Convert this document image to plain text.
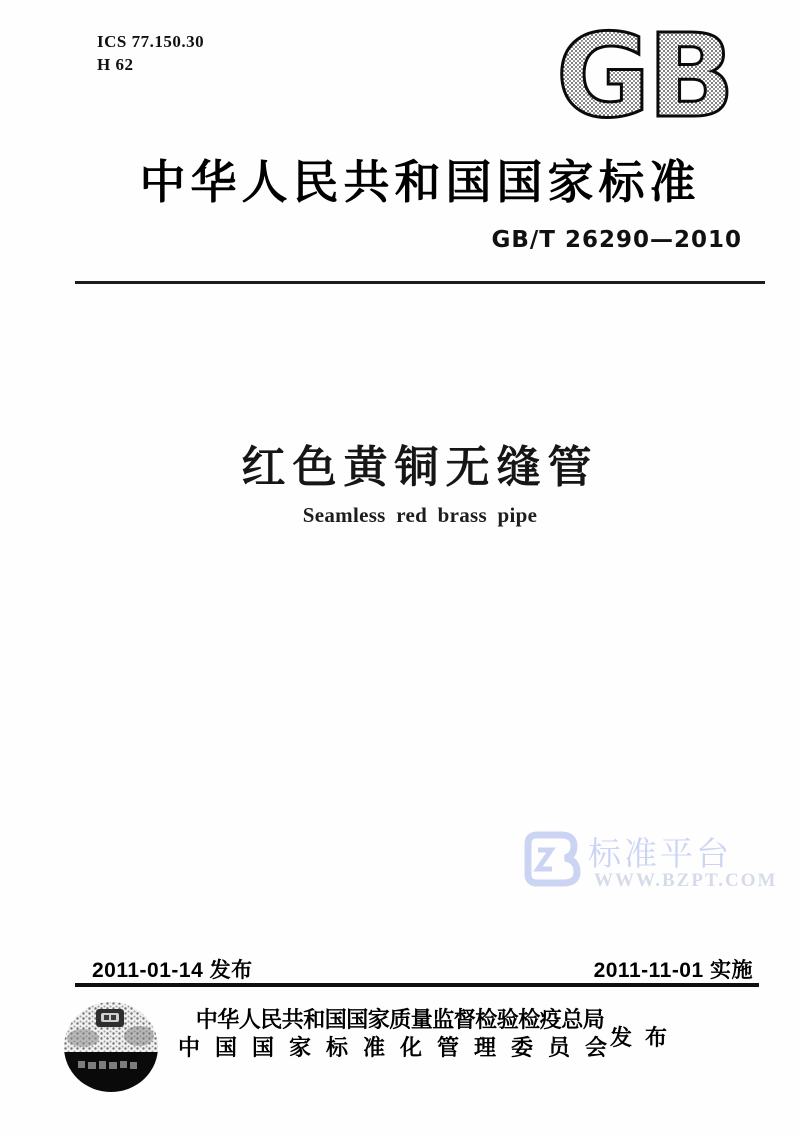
ICS 77.150.30
H 62	GB
中华人民共和国国家标准
GB/T 26290—2010
红色黄铜无缝管
Seamless red brass pipe
标准平台
WWW.BZPT.COM
2011-01-14 发布	2011-11-01 实施
中华人民共和国国家质量监督检验检疫总局
中国国家标准化管理委员会
发布
